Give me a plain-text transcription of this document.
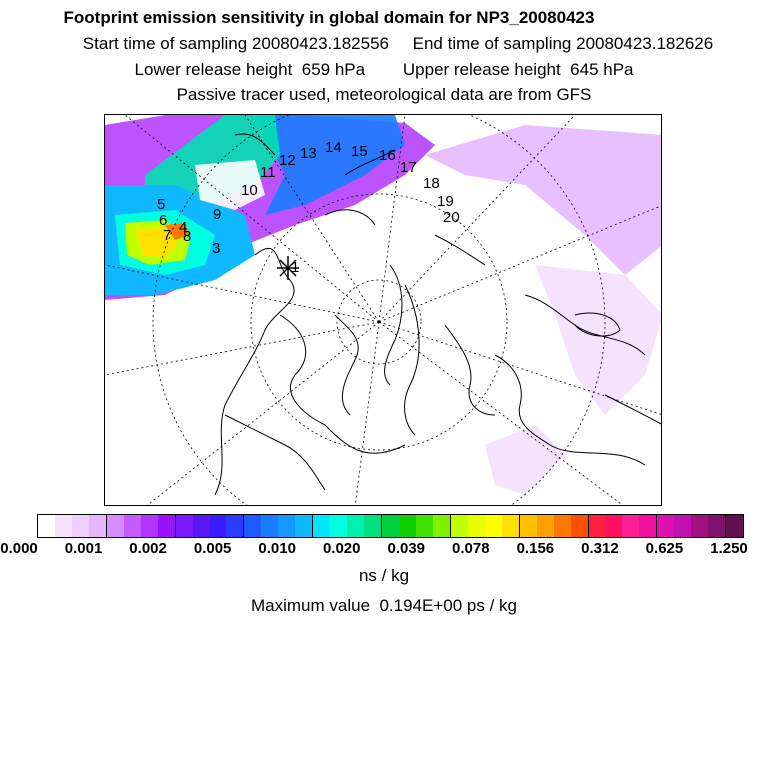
Footprint emission sensitivity in global domain for NP3_20080423
Start time of sampling 20080423.182556 End time of sampling 20080423.182626
Lower release height  659 hPa Upper release height  645 hPa
Passive tracer used, meteorological data are from GFS
1
3
4
5
6
7 8
9
10
11
12 13 14 15 16
17
18
19
20
0.000 0.001 0.002 0.005 0.010 0.020 0.039 0.078 0.156 0.312 0.625 1.250
ns / kg
Maximum value  0.194E+00 ps / kg
